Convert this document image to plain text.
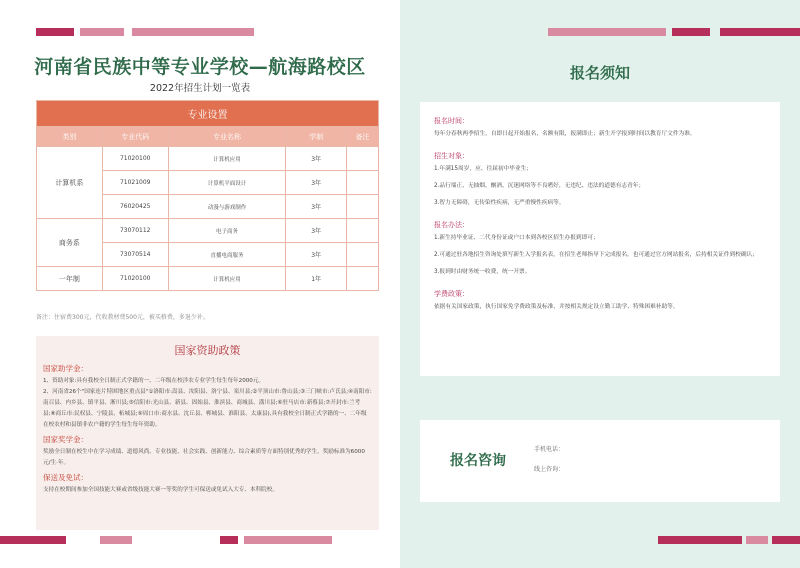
河南省民族中等专业学校—航海路校区
2022年招生计划一览表
专业设置				
类别	专业代码	专业名称	学制	备注
计算机系	71020100	计算机应用	3年	
	71021009	计算机平面设计	3年	
	76020425	动漫与游戏制作	3年	
商务系	73070112	电子商务	3年	
	73070514	直播电商服务	3年	
一年制	71020100	计算机应用	1年	
备注：住宿费300元，代收教材费500元，被买格费，多退少补。
国家资助政策
国家助学金：
1、资助对象:具有我校全日制正式学籍的一、二年级在校涉农专业学生每生每年2000元。
2、河南省26个"国家连片特困地区重点县"①洛阳市:嵩县、汝阳县、洛宁县、栾川县;②平顶山市:鲁山县;③三门峡市:卢氏县;④南阳市:南召县、内乡县、镇平县、淅川县;⑤信阳市:光山县、新县、固始县、淮滨县、商城县、潢川县;⑥驻马店市:新蔡县;⑦开封市:兰考县;⑧商丘市:民权县、宁陵县、柘城县;⑨周口市:商水县、沈丘县、郸城县、淮阳县、太康县),具有我校全日制正式学籍的一、二年级在校农村和县镇非农户籍的学生每生每年资助。
国家奖学金：
奖励全日制在校生中在学习成绩、道德风尚、专业技能、社会实践、创新能力、综合素质等方面特别优秀的学生，奖励标准为6000元/生·年。
保送及免试：
支持在校期间参加全国技能大赛或省级技能大赛一等奖的学生可保送或免试入大专、本科院校。
报名须知
报名时间：
每年分春秋两季招生，自即日起开始报名，名额有限，报满即止；新生开学报到时间以教育厅文件为准。
招生对象：
1.年满15周岁，应、往届初中毕业生；
2.品行端正、无抽烟、酗酒、沉迷网络等不良嗜好，无违纪、违法的道德有志青年；
3.智力无障碍，无传染性疾病，无严重慢性疾病等。
报名办法：
1.新生持毕业证、二代身份证或户口本到各校区招生办报到即可；
2.可通过驻各地招生咨询处填写新生入学报名表，在招生老师指导下完成报名。也可通过官方网站报名，后持相关证件到校确认；
3.报到时由财务统一收费，统一开票。
学费政策：
依据有关国家政策，执行国家免学费政策及标准，并按相关规定设立勤工助学、特殊困难补助等。
报名咨询
手机电话：
线上咨询：
